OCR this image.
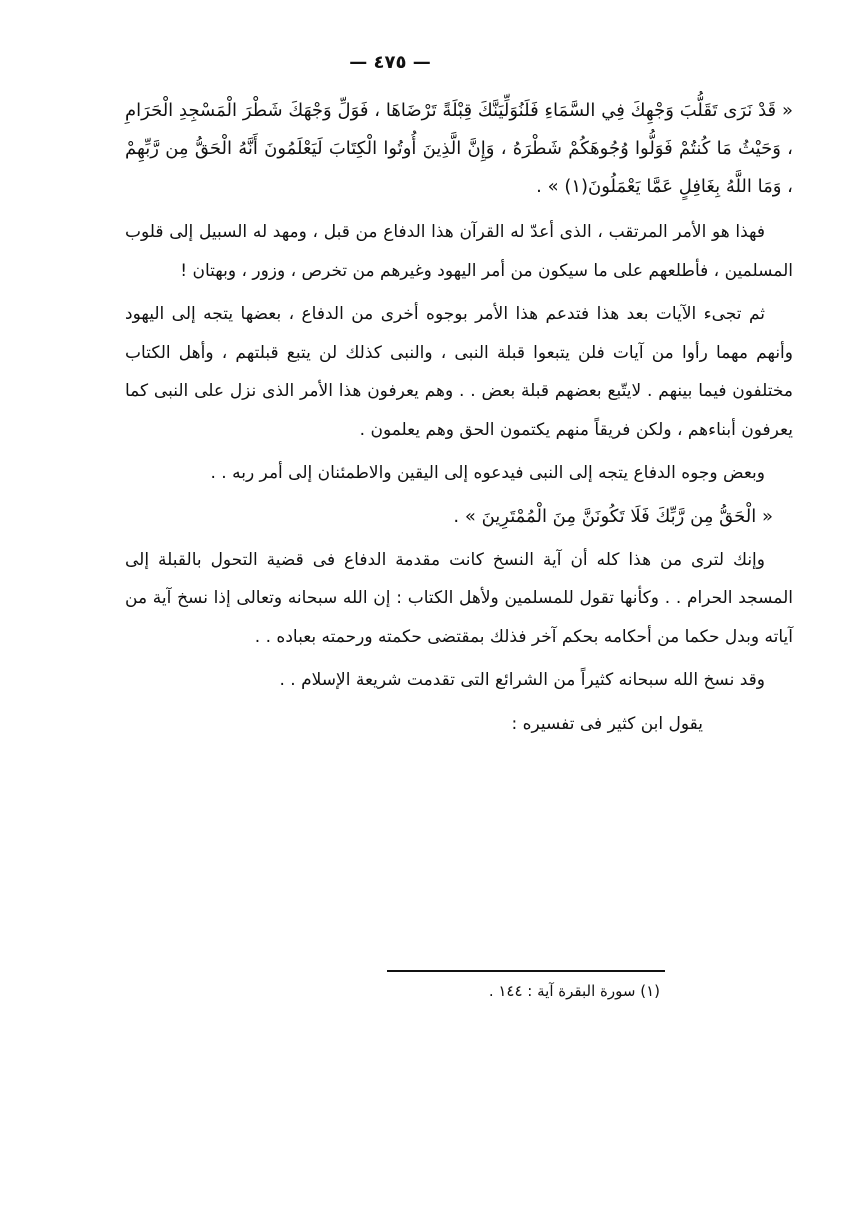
— ٤٧٥ —

« قَدْ نَرَى تَقَلُّبَ وَجْهِكَ فِي السَّمَاءِ فَلَنُوَلِّيَنَّكَ قِبْلَةً تَرْضَاهَا ، فَوَلِّ وَجْهَكَ شَطْرَ الْمَسْجِدِ الْحَرَامِ ، وَحَيْثُ مَا كُنتُمْ فَوَلُّوا وُجُوهَكُمْ شَطْرَهُ ، وَإِنَّ الَّذِينَ أُوتُوا الْكِتَابَ لَيَعْلَمُونَ أَنَّهُ الْحَقُّ مِن رَّبِّهِمْ ، وَمَا اللَّهُ بِغَافِلٍ عَمَّا يَعْمَلُونَ(١) » .

فهذا هو الأمر المرتقب ، الذى أعدّ له القرآن هذا الدفاع من قبل ، ومهد له السبيل إلى قلوب المسلمين ، فأطلعهم على ما سيكون من أمر اليهود وغيرهم من تخرص ، وزور ، وبهتان !

ثم تجىء الآيات بعد هذا فتدعم هذا الأمر بوجوه أخرى من الدفاع ، بعضها يتجه إلى اليهود وأنهم مهما رأوا من آيات فلن يتبعوا قبلة النبى ، والنبى كذلك لن يتبع قبلتهم ، وأهل الكتاب مختلفون فيما بينهم . لايتّبع بعضهم قبلة بعض . . وهم يعرفون هذا الأمر الذى نزل على النبى كما يعرفون أبناءهم ، ولكن فريقاً منهم يكتمون الحق وهم يعلمون .

وبعض وجوه الدفاع يتجه إلى النبى فيدعوه إلى اليقين والاطمئنان إلى أمر ربه . .

« الْحَقُّ مِن رَّبِّكَ فَلَا تَكُونَنَّ مِنَ الْمُمْتَرِينَ » .

وإنك لترى من هذا كله أن آية النسخ كانت مقدمة الدفاع فى قضية التحول بالقبلة إلى المسجد الحرام . . وكأنها تقول للمسلمين ولأهل الكتاب : إن الله سبحانه وتعالى إذا نسخ آية من آياته وبدل حكما من أحكامه بحكم آخر فذلك بمقتضى حكمته ورحمته بعباده . .

وقد نسخ الله سبحانه كثيراً من الشرائع التى تقدمت شريعة الإسلام . .

يقول ابن كثير فى تفسيره :

(١) سورة البقرة آية : ١٤٤ .
